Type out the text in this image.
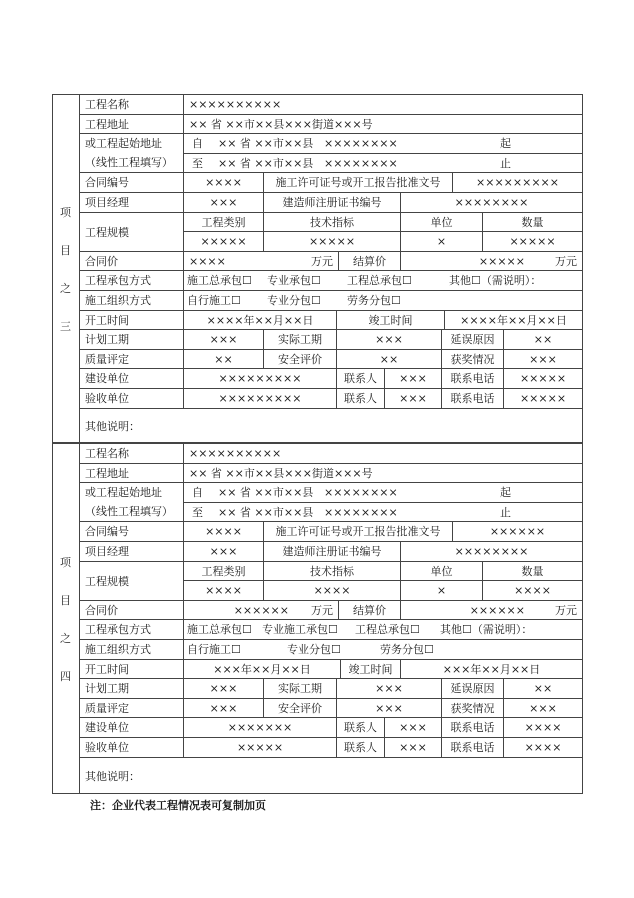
项
目
之
三
工程名称	××××××××××
工程地址	×× 省 ××市××县×××街道×××号
或工程起始地址
（线性工程填写）
自	×× 省 ××市××县 ××××××××	起
至	×× 省 ××市××县 ××××××××	止
合同编号	××××	施工许可证号或开工报告批准文号	×××××××××
项目经理	×××	建造师注册证书编号	××××××××
工程规模
工程类别	技术指标	单位	数量
×××××	×××××	×	×××××
合同价	××××	万元	结算价	×××××	万元
工程承包方式	施工总承包☐	专业承包☐	工程总承包☐	其他☐（需说明）：
施工组织方式	自行施工☐	专业分包☐	劳务分包☐
开工时间	××××年××月××日	竣工时间	××××年××月××日
计划工期	×××	实际工期	×××	延误原因	××
质量评定	××	安全评价	××	获奖情况	×××
建设单位	×××××××××	联系人	×××	联系电话	×××××
验收单位	×××××××××	联系人	×××	联系电话	×××××
其他说明：
项
目
之
四
工程名称	××××××××××
工程地址	×× 省 ××市××县×××街道×××号
或工程起始地址
（线性工程填写）
自	×× 省 ××市××县 ××××××××	起
至	×× 省 ××市××县 ××××××××	止
合同编号	××××	施工许可证号或开工报告批准文号	××××××
项目经理	×××	建造师注册证书编号	××××××××
工程规模
工程类别	技术指标	单位	数量
××××	××××	×	××××
合同价	×××××× 万元	结算价	××××××	万元
工程承包方式	施工总承包☐ 专业施工承包☐	工程总承包☐	其他☐（需说明）：
施工组织方式	自行施工☐	专业分包☐	劳务分包☐
开工时间	×××年××月××日	竣工时间	×××年××月××日
计划工期	×××	实际工期	×××	延误原因	××
质量评定	×××	安全评价	×××	获奖情况	×××
建设单位	×××××××	联系人	×××	联系电话	××××
验收单位	×××××	联系人	×××	联系电话	××××
其他说明：
注：企业代表工程情况表可复制加页
